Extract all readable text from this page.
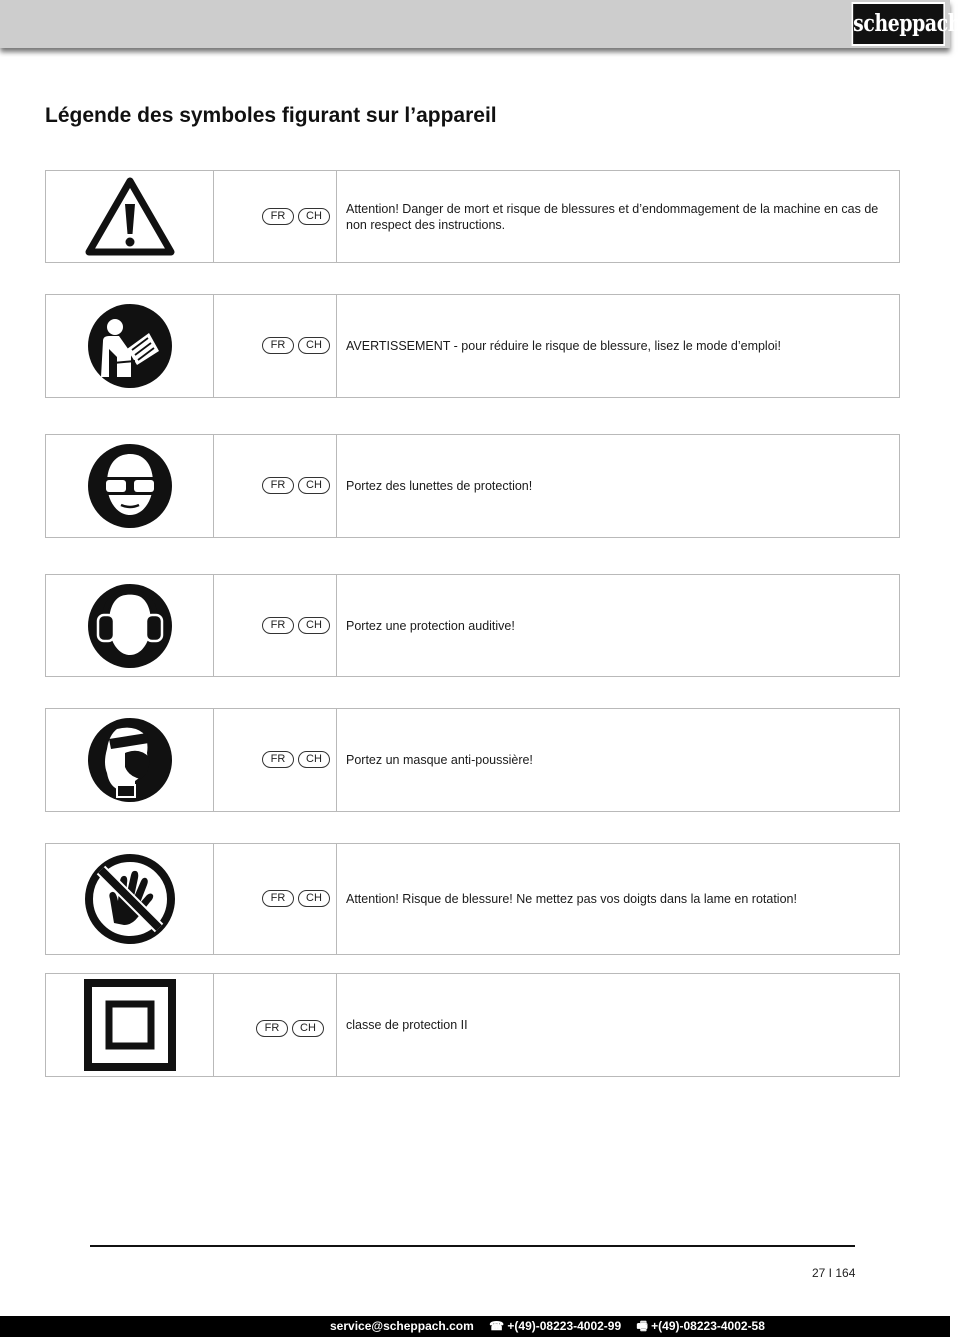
scheppach
Légende des symboles figurant sur l’appareil
FR	CH	Attention! Danger de mort et risque de blessures et d’endommagement de la machine en cas de non respect des instructions.
FR	CH	AVERTISSEMENT - pour réduire le risque de blessure, lisez le mode d’emploi!
FR	CH	Portez des lunettes de protection!
FR	CH	Portez une protection auditive!
FR	CH	Portez un masque anti-poussière!
FR	CH	Attention! Risque de blessure! Ne mettez pas vos doigts dans la lame en rotation!
FR	CH	classe de protection II
27 I 164
service@scheppach.com ☎ +(49)-08223-4002-99 🖷 +(49)-08223-4002-58
